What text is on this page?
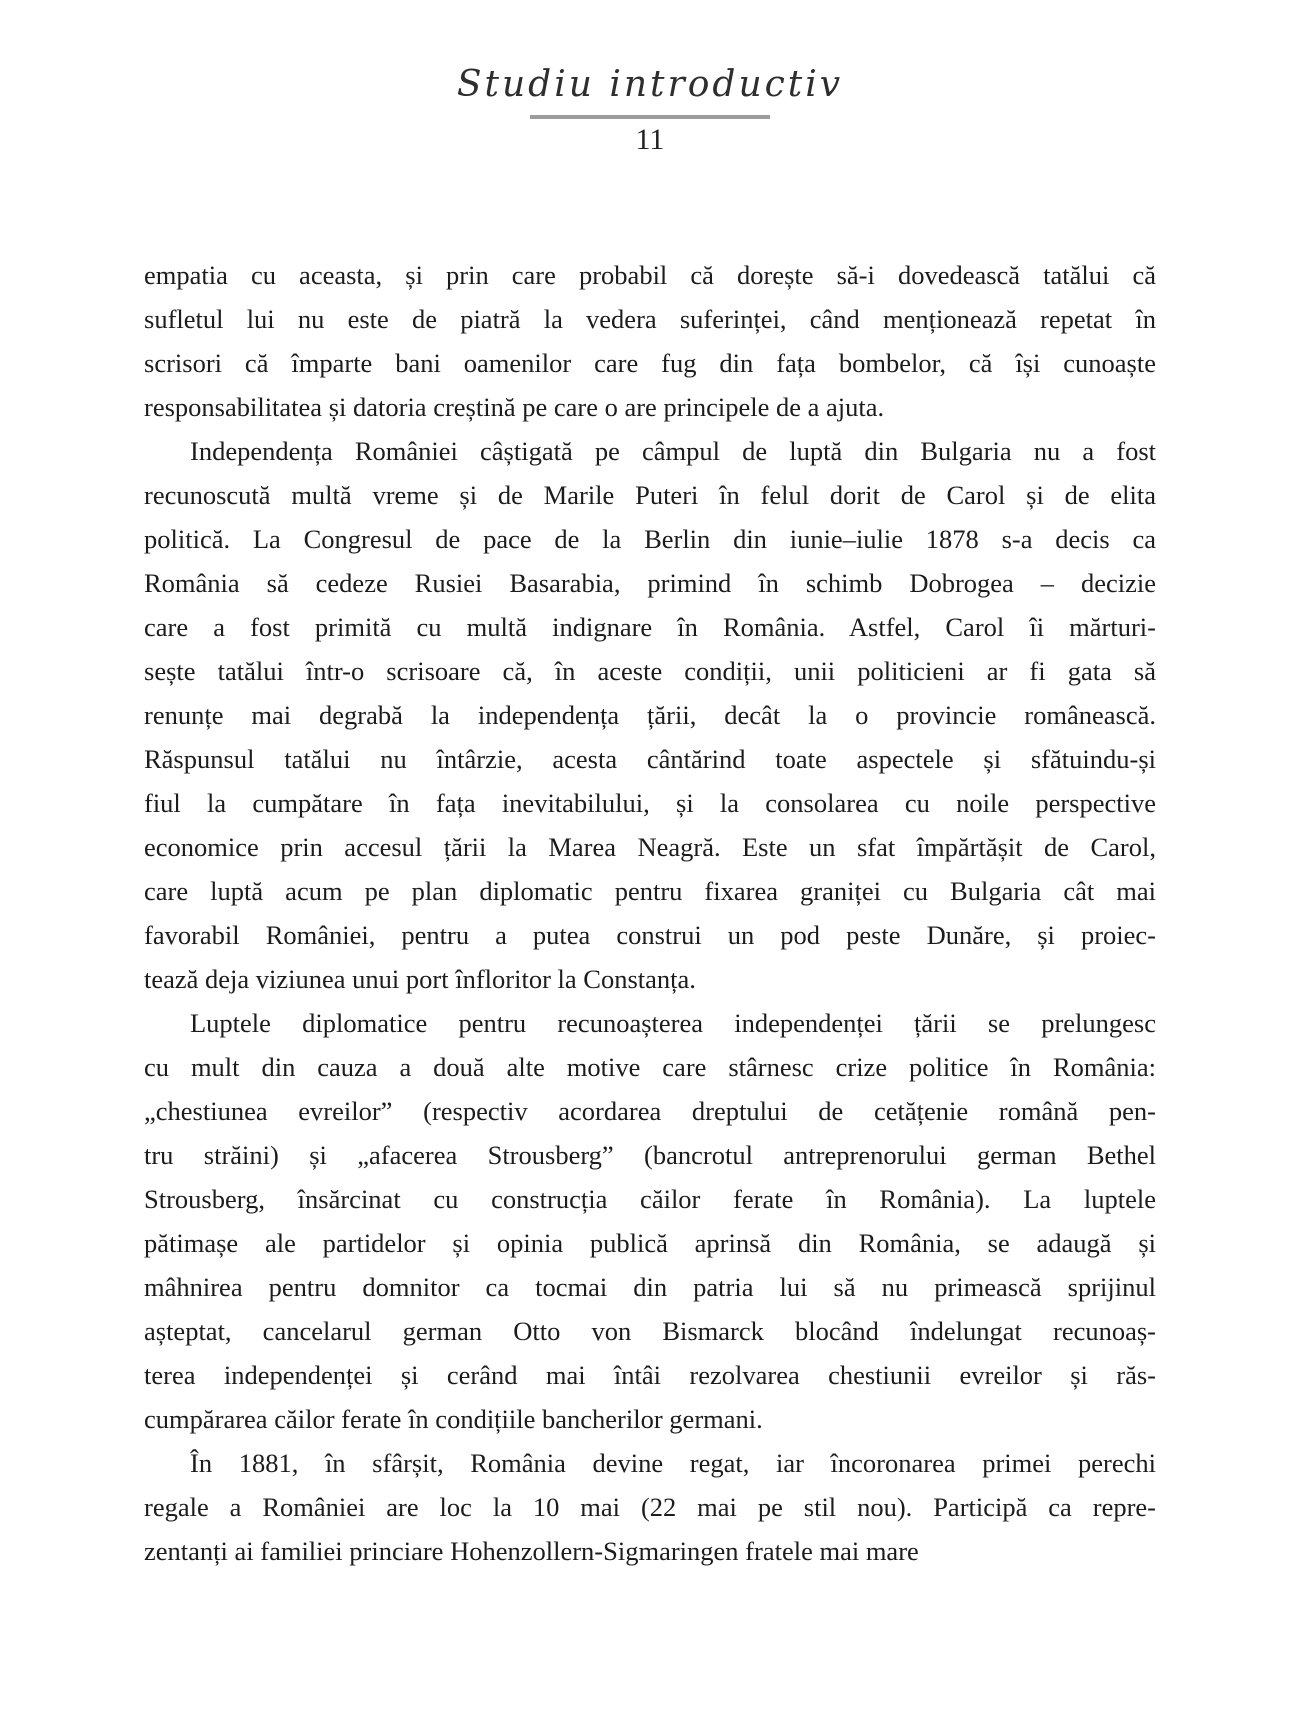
Studiu introductiv
11
empatia cu aceasta, și prin care probabil că dorește să-i dovedească tatălui că
sufletul lui nu este de piatră la vedera suferinței, când menționează repetat în
scrisori că împarte bani oamenilor care fug din fața bombelor, că își cunoaște
responsabilitatea și datoria creștină pe care o are principele de a ajuta.
Independența României câștigată pe câmpul de luptă din Bulgaria nu a fost
recunoscută multă vreme și de Marile Puteri în felul dorit de Carol și de elita
politică. La Congresul de pace de la Berlin din iunie–iulie 1878 s-a decis ca
România să cedeze Rusiei Basarabia, primind în schimb Dobrogea – decizie
care a fost primită cu multă indignare în România. Astfel, Carol îi mărturi-
sește tatălui într-o scrisoare că, în aceste condiții, unii politicieni ar fi gata să
renunțe mai degrabă la independența țării, decât la o provincie românească.
Răspunsul tatălui nu întârzie, acesta cântărind toate aspectele și sfătuindu-și
fiul la cumpătare în fața inevitabilului, și la consolarea cu noile perspective
economice prin accesul țării la Marea Neagră. Este un sfat împărtășit de Carol,
care luptă acum pe plan diplomatic pentru fixarea graniței cu Bulgaria cât mai
favorabil României, pentru a putea construi un pod peste Dunăre, și proiec-
tează deja viziunea unui port înfloritor la Constanța.
Luptele diplomatice pentru recunoașterea independenței țării se prelungesc
cu mult din cauza a două alte motive care stârnesc crize politice în România:
„chestiunea evreilor” (respectiv acordarea dreptului de cetățenie română pen-
tru străini) și „afacerea Strousberg” (bancrotul antreprenorului german Bethel
Strousberg, însărcinat cu construcția căilor ferate în România). La luptele
pătimașe ale partidelor și opinia publică aprinsă din România, se adaugă și
mâhnirea pentru domnitor ca tocmai din patria lui să nu primească sprijinul
așteptat, cancelarul german Otto von Bismarck blocând îndelungat recunoaș-
terea independenței și cerând mai întâi rezolvarea chestiunii evreilor și răs-
cumpărarea căilor ferate în condițiile bancherilor germani.
În 1881, în sfârșit, România devine regat, iar încoronarea primei perechi
regale a României are loc la 10 mai (22 mai pe stil nou). Participă ca repre-
zentanți ai familiei princiare Hohenzollern-Sigmaringen fratele mai mare
